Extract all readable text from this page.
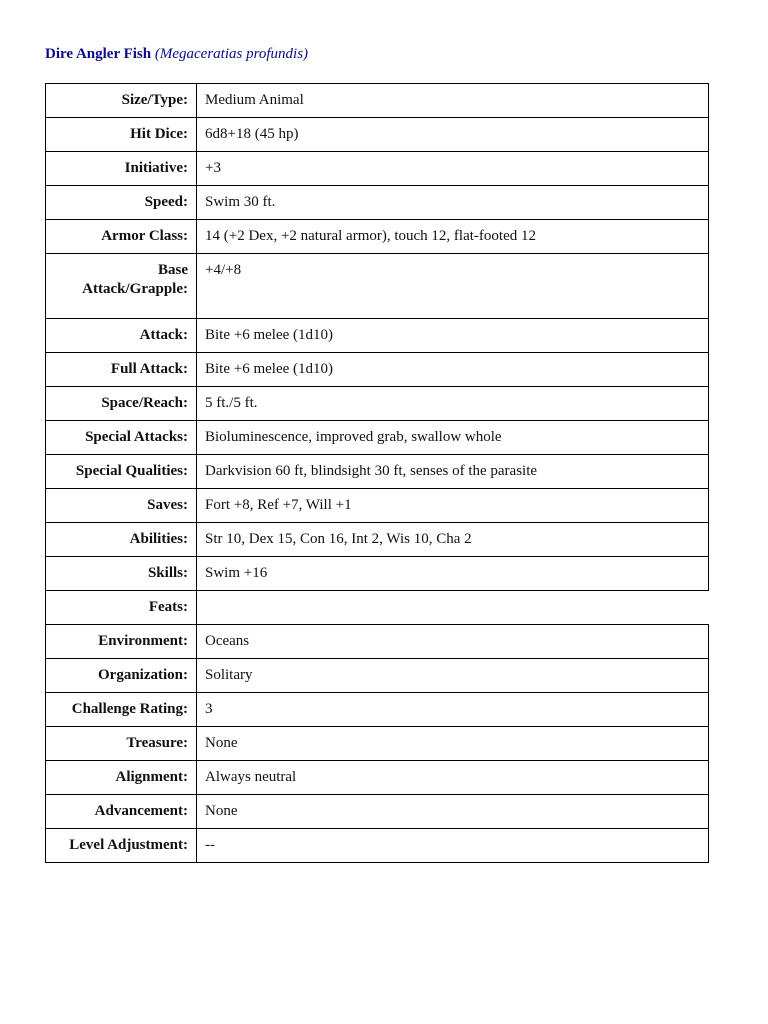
Dire Angler Fish (Megaceratias profundis)
Size/Type:	Medium Animal
Hit Dice:	6d8+18 (45 hp)
Initiative:	+3
Speed:	Swim 30 ft.
Armor Class:	14 (+2 Dex, +2 natural armor), touch 12, flat-footed 12
Base Attack/Grapple:	+4/+8
Attack:	Bite +6 melee (1d10)
Full Attack:	Bite +6 melee (1d10)
Space/Reach:	5 ft./5 ft.
Special Attacks:	Bioluminescence, improved grab, swallow whole
Special Qualities:	Darkvision 60 ft, blindsight 30 ft, senses of the parasite
Saves:	Fort +8, Ref +7, Will +1
Abilities:	Str 10, Dex 15, Con 16, Int 2, Wis 10, Cha 2
Skills:	Swim +16
Feats:	
Environment:	Oceans
Organization:	Solitary
Challenge Rating:	3
Treasure:	None
Alignment:	Always neutral
Advancement:	None
Level Adjustment:	--
